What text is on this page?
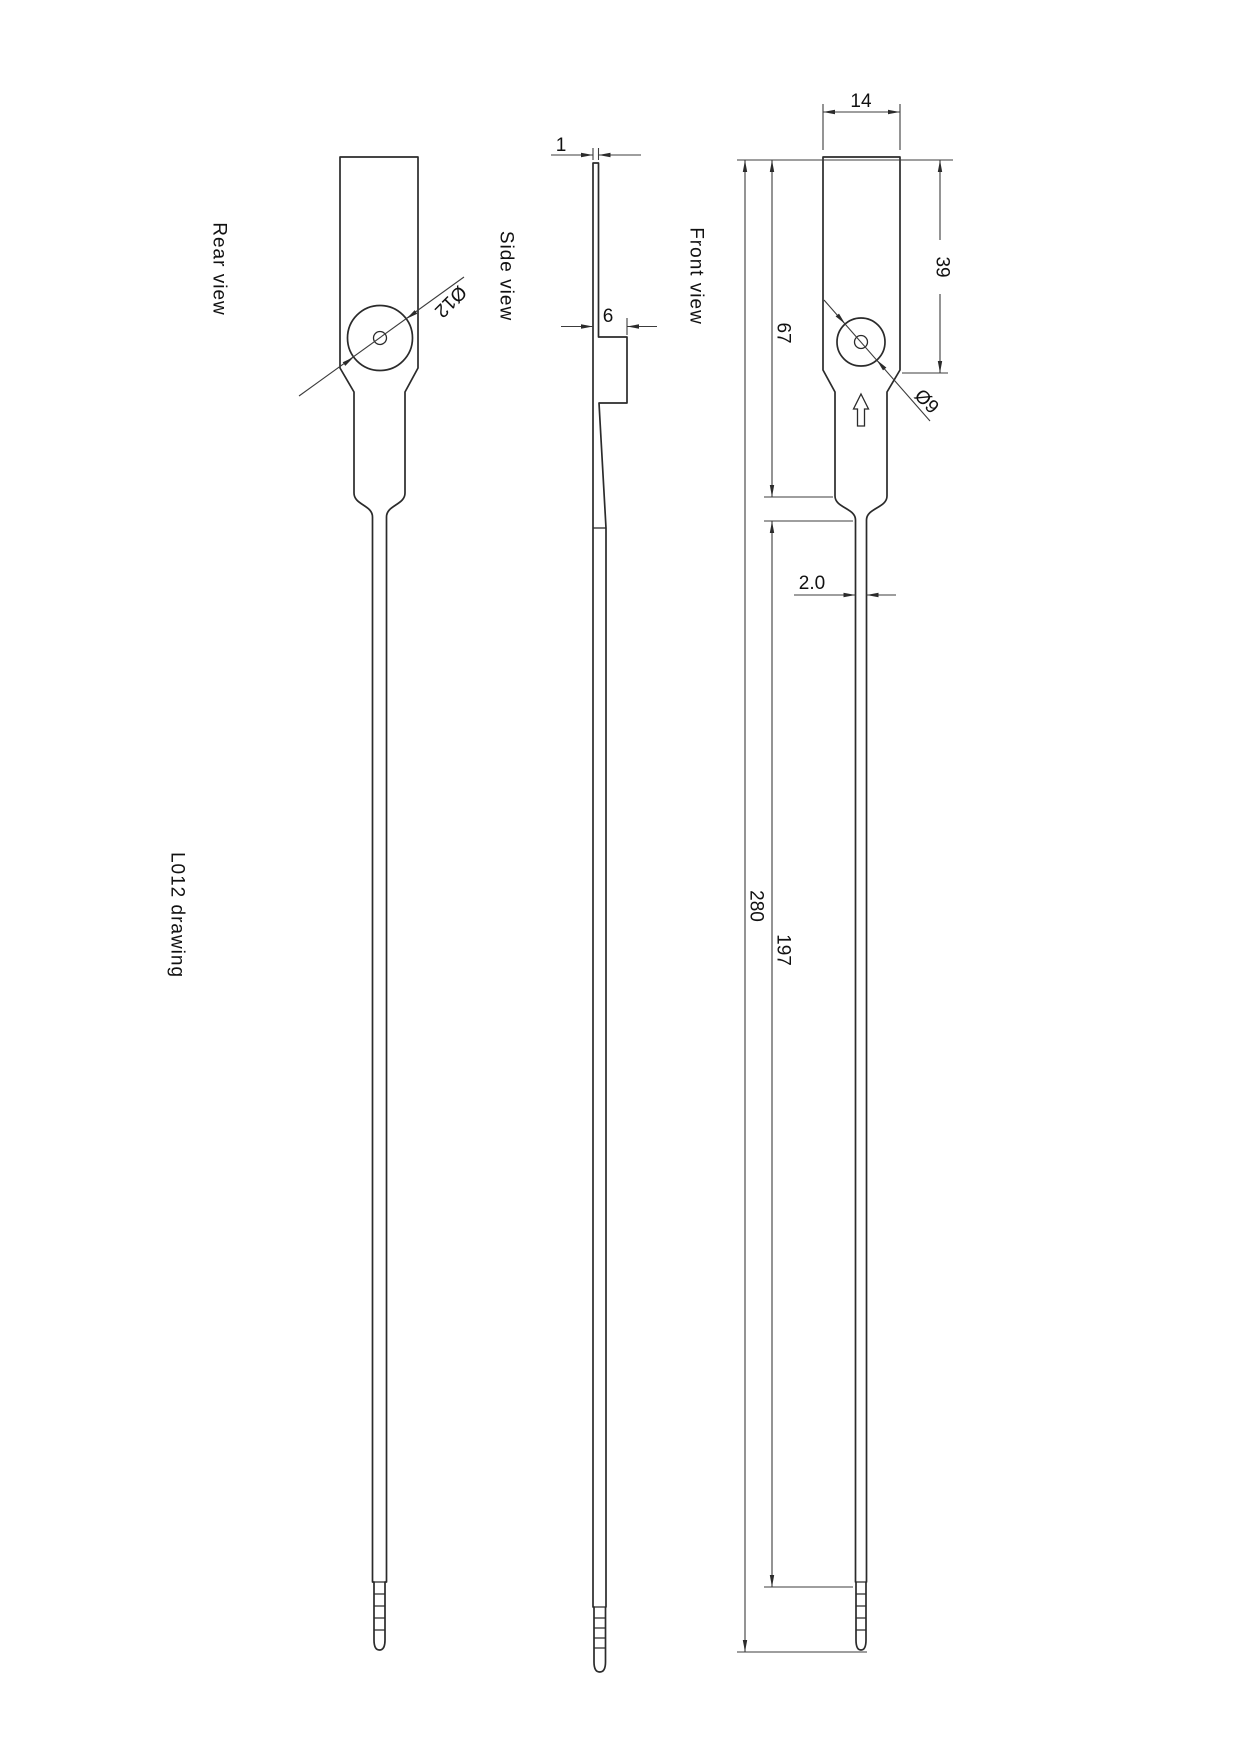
Ø12
Rear view
1
6
Side view
Ø9
14
39
67
197
280
2.0
Front view
L012 drawing
